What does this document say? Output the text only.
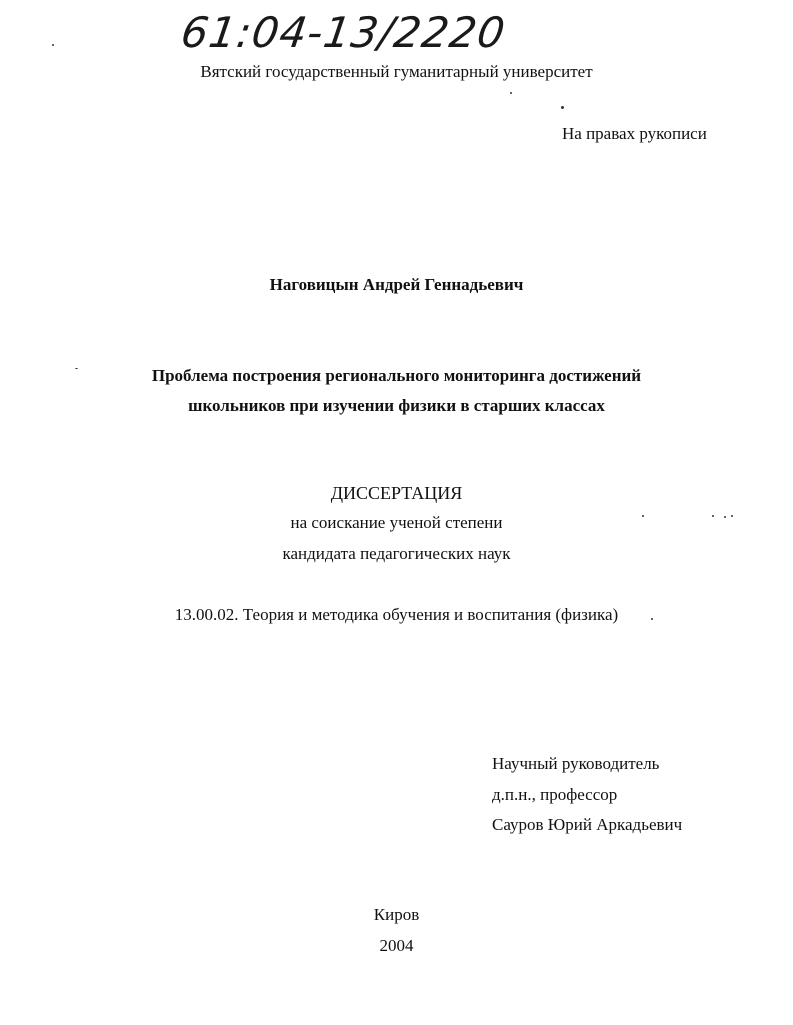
61:04-13/2220
Вятский государственный гуманитарный университет
На правах рукописи
Наговицын Андрей Геннадьевич
Проблема построения регионального мониторинга достижений
школьников при изучении физики в старших классах
ДИССЕРТАЦИЯ
на соискание ученой степени
кандидата педагогических наук
13.00.02. Теория и методика обучения и воспитания (физика)
Научный руководитель
д.п.н., профессор
Сауров Юрий Аркадьевич
Киров
2004
